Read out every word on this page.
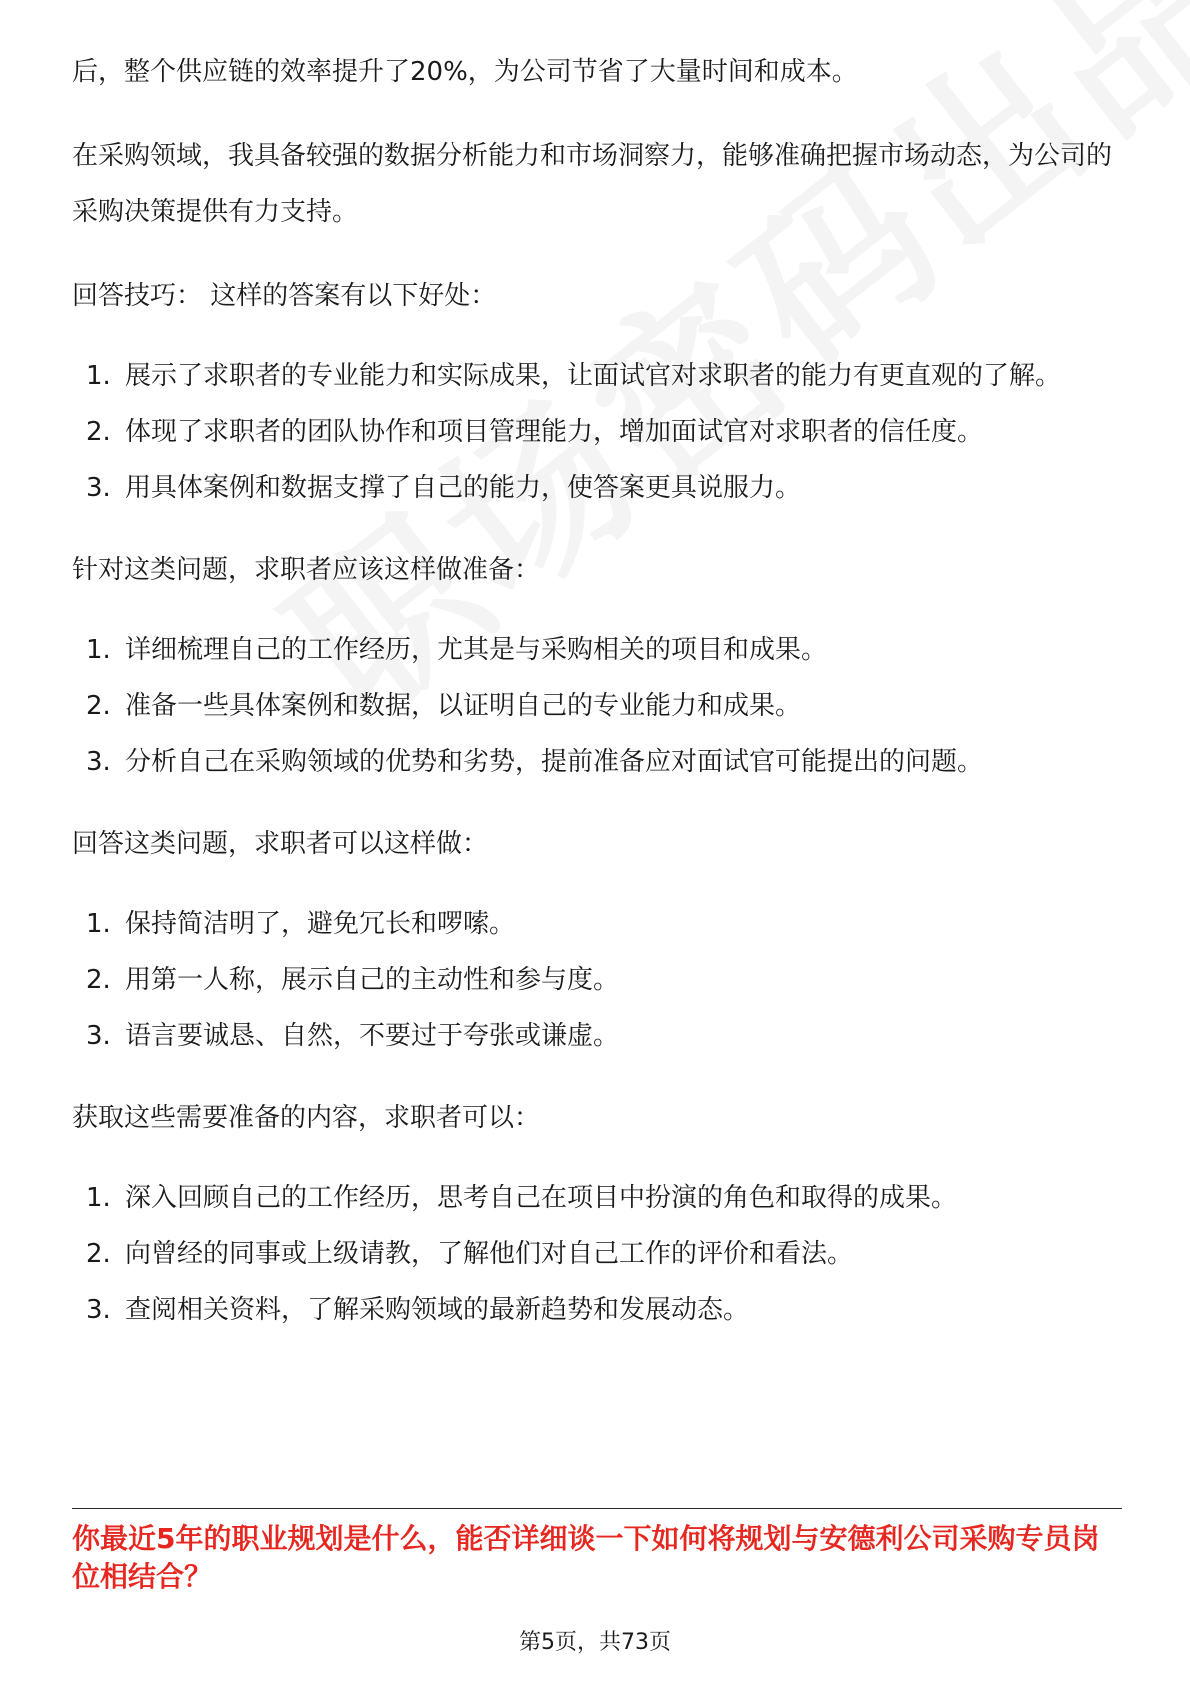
后，整个供应链的效率提升了20%，为公司节省了大量时间和成本。

在采购领域，我具备较强的数据分析能力和市场洞察力，能够准确把握市场动态，为公司的采购决策提供有力支持。

回答技巧： 这样的答案有以下好处：

1. 展示了求职者的专业能力和实际成果，让面试官对求职者的能力有更直观的了解。
2. 体现了求职者的团队协作和项目管理能力，增加面试官对求职者的信任度。
3. 用具体案例和数据支撑了自己的能力，使答案更具说服力。

针对这类问题，求职者应该这样做准备：

1. 详细梳理自己的工作经历，尤其是与采购相关的项目和成果。
2. 准备一些具体案例和数据，以证明自己的专业能力和成果。
3. 分析自己在采购领域的优势和劣势，提前准备应对面试官可能提出的问题。

回答这类问题，求职者可以这样做：

1. 保持简洁明了，避免冗长和啰嗦。
2. 用第一人称，展示自己的主动性和参与度。
3. 语言要诚恳、自然，不要过于夸张或谦虚。

获取这些需要准备的内容，求职者可以：

1. 深入回顾自己的工作经历，思考自己在项目中扮演的角色和取得的成果。
2. 向曾经的同事或上级请教，了解他们对自己工作的评价和看法。
3. 查阅相关资料，了解采购领域的最新趋势和发展动态。

你最近5年的职业规划是什么，能否详细谈一下如何将规划与安德利公司采购专员岗位相结合？

第5页，共73页
